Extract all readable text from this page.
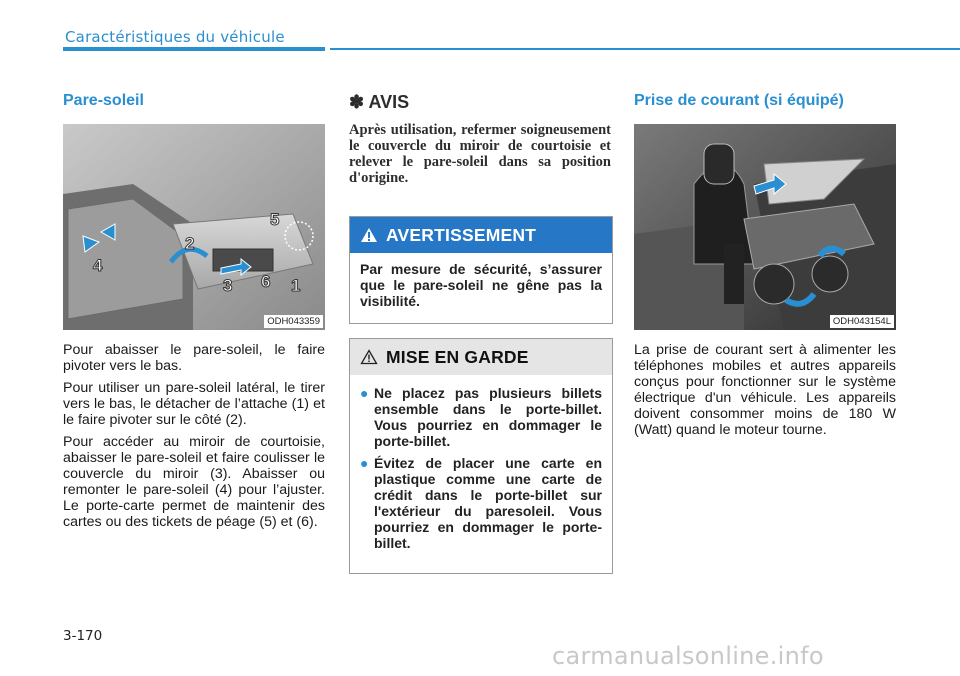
Caractéristiques du véhicule
Pare-soleil
5
2
4
6
3	1
ODH043359

Pour abaisser le pare-soleil, le faire pivoter vers le bas.

Pour utiliser un pare-soleil latéral, le tirer vers le bas, le détacher de l’attache (1) et le faire pivoter sur le côté (2).

Pour accéder au miroir de courtoisie, abaisser le pare-soleil et faire coulisser le couvercle du miroir (3). Abaisser ou remonter le pare-soleil (4) pour l’ajuster. Le porte-carte permet de maintenir des cartes ou des tickets de péage (5) et (6).

✽ AVIS

Après utilisation, refermer soigneusement le couvercle du miroir de courtoisie et relever le pare-soleil dans sa position d'origine.

AVERTISSEMENT

Par mesure de sécurité, s’assurer que le pare-soleil ne gêne pas la visibilité.

MISE EN GARDE
● Ne placez pas plusieurs billets ensemble dans le porte-billet. Vous pourriez en dommager le porte-billet.
● Évitez de placer une carte en plastique comme une carte de crédit dans le porte-billet sur l'extérieur du paresoleil. Vous pourriez en dommager le porte-billet.
Prise de courant (si équipé)
ODH043154L

La prise de courant sert à alimenter les téléphones mobiles et autres appareils conçus pour fonctionner sur le système électrique d'un véhicule. Les appareils doivent consommer moins de 180 W (Watt) quand le moteur tourne.

3-170
carmanualsonline.info
